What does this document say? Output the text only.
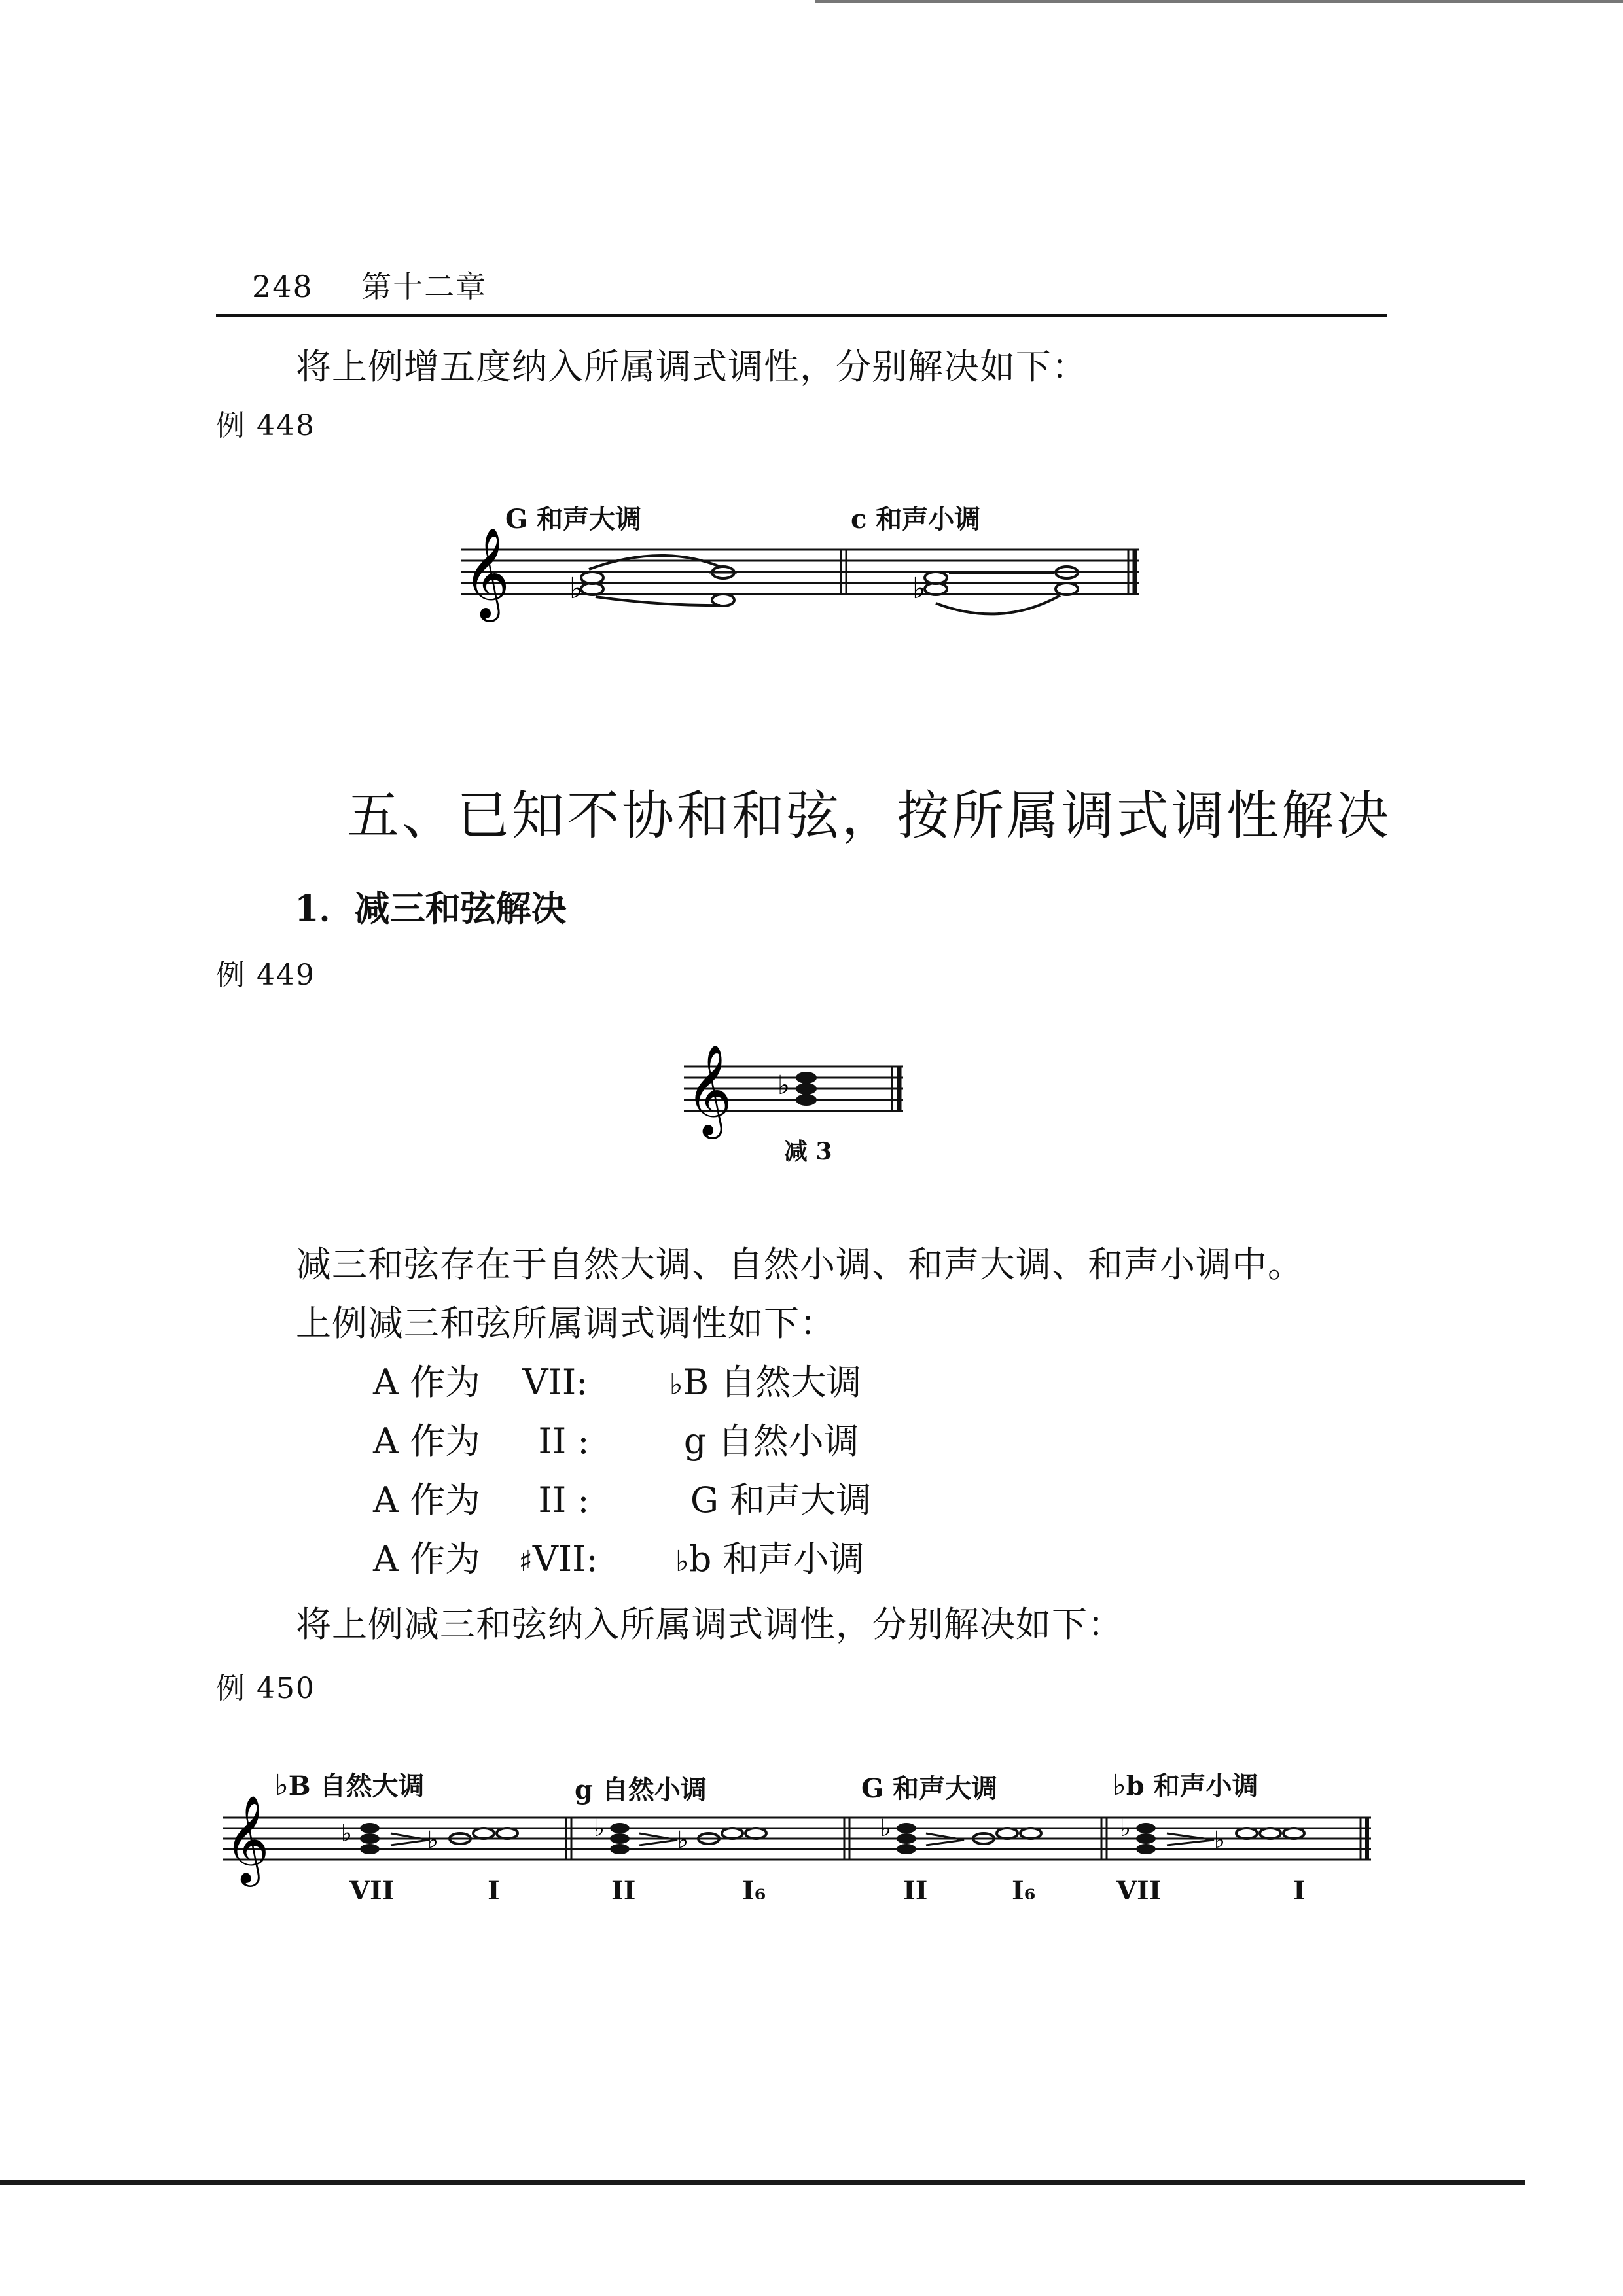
248 第十二章
将上例增五度纳入所属调式调性，分别解决如下：
例 448
G 和声大调	c 和声小调
𝄞 ♭	♭
五、已知不协和和弦，按所属调式调性解决
1．减三和弦解决
例 449
𝄞 ♭
减 3
减三和弦存在于自然大调、自然小调、和声大调、和声小调中。
上例减三和弦所属调式调性如下：
A 作为 VII:	♭B 自然大调
A 作为 II :	g 自然小调
A 作为 II :	G 和声大调
A 作为 ♯VII:	♭b 和声小调
将上例减三和弦纳入所属调式调性，分别解决如下：
例 450
♭B 自然大调	g 自然小调	G 和声大调	♭b 和声小调
𝄞	♭	♭	♭	♭	♭	♭	♭
VII	I	II	I₆	II	I₆	VII	I
